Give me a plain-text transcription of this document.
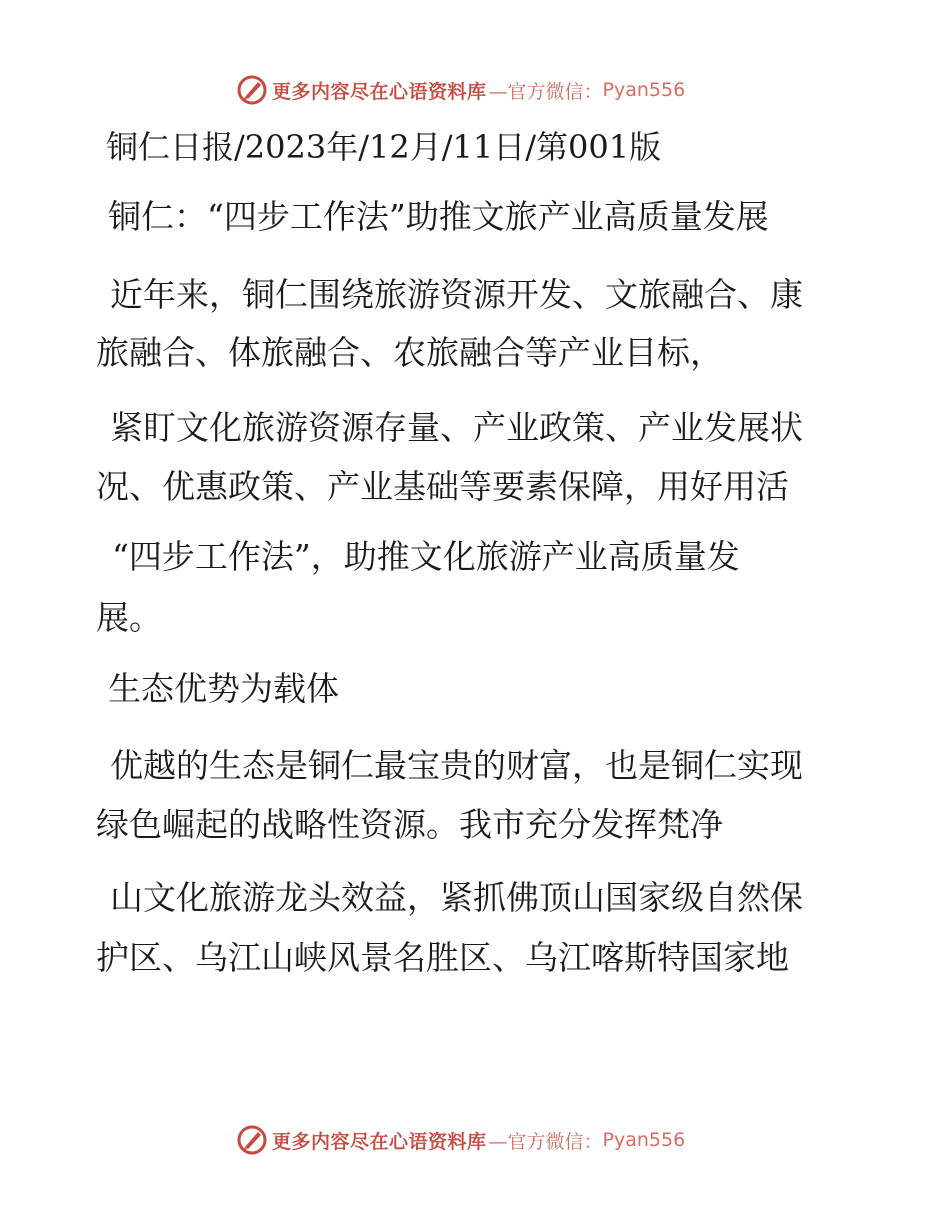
更多内容尽在心语资料库 —官方微信： Pyan556
铜仁日报/2023年/12月/11日/第001版
铜仁：“四步工作法”助推文旅产业高质量发展
近年来，铜仁围绕旅游资源开发、文旅融合、康
旅融合、体旅融合、农旅融合等产业目标，
紧盯文化旅游资源存量、产业政策、产业发展状
况、优惠政策、产业基础等要素保障，用好用活
“四步工作法”，助推文化旅游产业高质量发
展。
生态优势为载体
优越的生态是铜仁最宝贵的财富，也是铜仁实现
绿色崛起的战略性资源。我市充分发挥梵净
山文化旅游龙头效益，紧抓佛顶山国家级自然保
护区、乌江山峡风景名胜区、乌江喀斯特国家地
更多内容尽在心语资料库 —官方微信： Pyan556
